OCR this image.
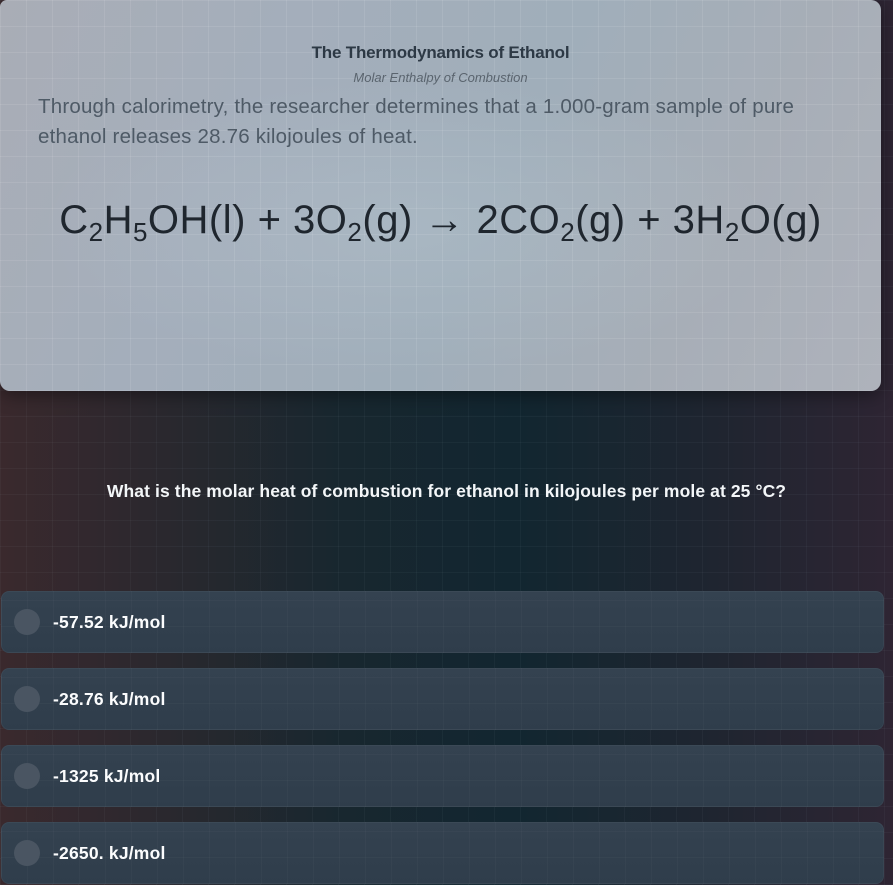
The Thermodynamics of Ethanol
Molar Enthalpy of Combustion
Through calorimetry, the researcher determines that a 1.000-gram sample of pure ethanol releases 28.76 kilojoules of heat.
$C_2H_5OH(l) + 3O_2(g) \to 2CO_2(g) + 3H_2O(g)$
What is the molar heat of combustion for ethanol in kilojoules per mole at 25 °C?
-57.52 kJ/mol
-28.76 kJ/mol
-1325 kJ/mol
-2650. kJ/mol
